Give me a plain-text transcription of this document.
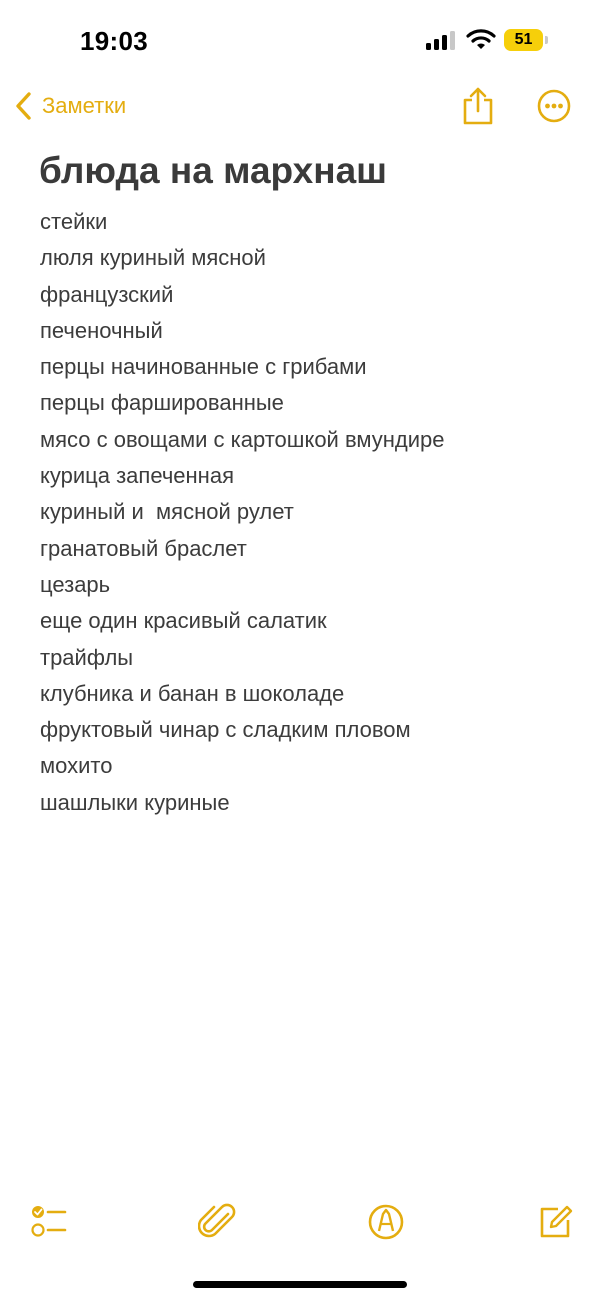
19:03	51
Заметки
блюда на мархнаш
стейки
люля куриный мясной
французский
печеночный
перцы начинованные с грибами
перцы фаршированные
мясо с овощами с картошкой вмундире
курица запеченная
куриный и  мясной рулет
гранатовый браслет
цезарь
еще один красивый салатик
трайфлы
клубника и банан в шоколаде
фруктовый чинар с сладким пловом
мохито
шашлыки куриные
